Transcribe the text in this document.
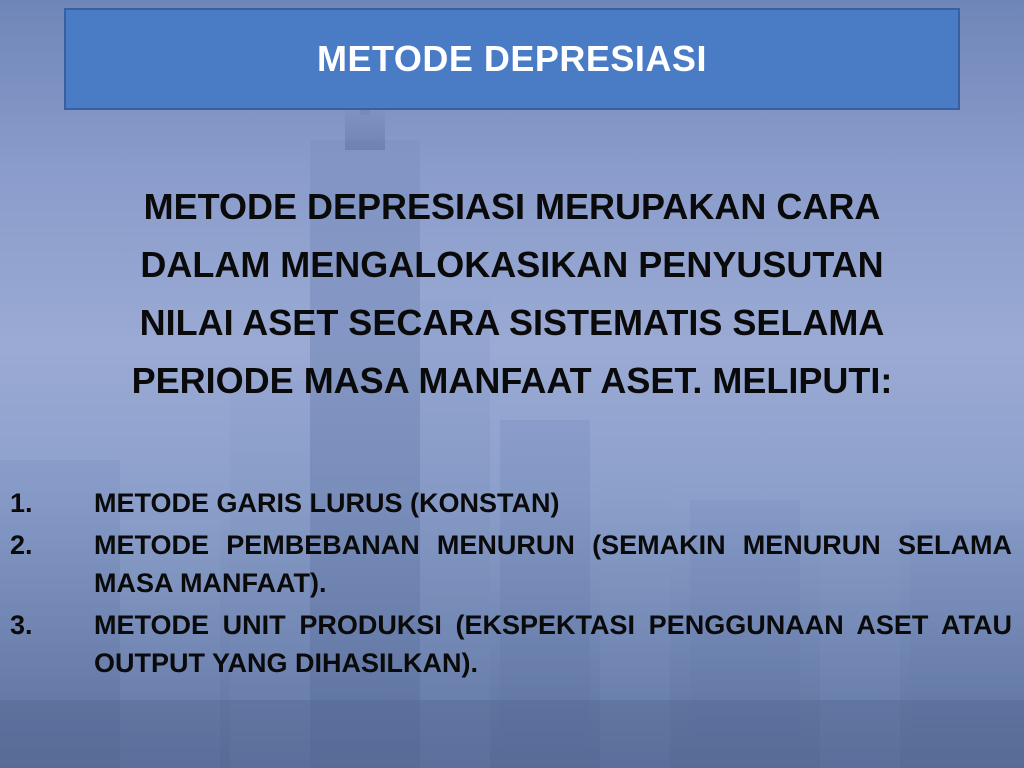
METODE DEPRESIASI
METODE DEPRESIASI MERUPAKAN CARA
DALAM MENGALOKASIKAN PENYUSUTAN
NILAI ASET SECARA SISTEMATIS SELAMA
PERIODE MASA MANFAAT ASET. MELIPUTI:
1.	METODE GARIS LURUS (KONSTAN)
2.	METODE PEMBEBANAN MENURUN (SEMAKIN MENURUN SELAMA MASA MANFAAT).
3.	METODE UNIT PRODUKSI (EKSPEKTASI PENGGUNAAN ASET ATAU OUTPUT YANG DIHASILKAN).
